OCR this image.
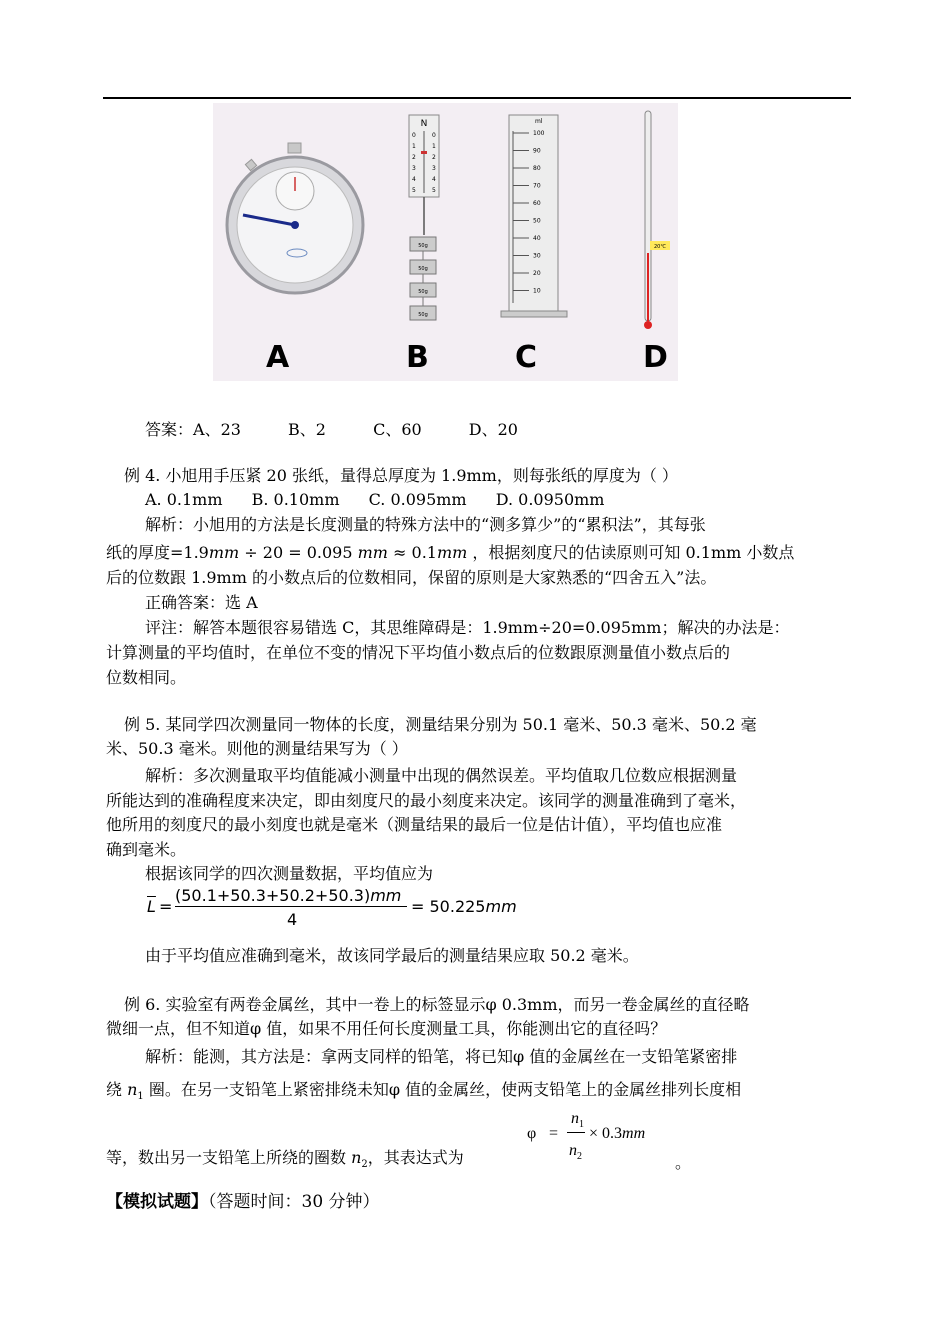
N
50g
50g
50g
50g
ml
20℃
A	B	C	D
100
90
80
70
60
50
40
30
20
10
0	0
1	1
2	2
3	3
4	4
5	5
答案：A、23	B、2	C、60	D、20
例 4. 小旭用手压紧 20 张纸，量得总厚度为 1.9mm，则每张纸的厚度为（ ）
A. 0.1mm B. 0.10mm C. 0.095mm D. 0.0950mm
解析：小旭用的方法是长度测量的特殊方法中的“测多算少”的“累积法”，其每张
纸的厚度=1.9mm ÷ 20 = 0.095 mm ≈ 0.1mm ，根据刻度尺的估读原则可知 0.1mm 小数点
后的位数跟 1.9mm 的小数点后的位数相同，保留的原则是大家熟悉的“四舍五入”法。
正确答案：选 A
评注：解答本题很容易错选 C，其思维障碍是：1.9mm÷20=0.095mm；解决的办法是：
计算测量的平均值时，在单位不变的情况下平均值小数点后的位数跟原测量值小数点后的
位数相同。
例 5. 某同学四次测量同一物体的长度，测量结果分别为 50.1 毫米、50.3 毫米、50.2 毫
米、50.3 毫米。则他的测量结果写为（ ）
解析：多次测量取平均值能减小测量中出现的偶然误差。平均值取几位数应根据测量
所能达到的准确程度来决定，即由刻度尺的最小刻度来决定。该同学的测量准确到了毫米，
他所用的刻度尺的最小刻度也就是毫米（测量结果的最后一位是估计值），平均值也应准
确到毫米。
根据该同学的四次测量数据，平均值应为
$\overline{L}$ =
(50.1+50.3+50.2+50.3)mm
4
= 50.225mm
由于平均值应准确到毫米，故该同学最后的测量结果应取 50.2 毫米。
例 6. 实验室有两卷金属丝，其中一卷上的标签显示φ 0.3mm，而另一卷金属丝的直径略
微细一点，但不知道φ 值，如果不用任何长度测量工具，你能测出它的直径吗？
解析：能测，其方法是：拿两支同样的铅笔，将已知φ 值的金属丝在一支铅笔紧密排
绕 $n_1$ 圈。在另一支铅笔上紧密排绕未知φ 值的金属丝，使两支铅笔上的金属丝排列长度相
等，数出另一支铅笔上所绕的圈数 $n_2$，其表达式为
φ =
$n_1$
× 0.3mm
$n_2$	。
【模拟试题】（答题时间：30 分钟）
